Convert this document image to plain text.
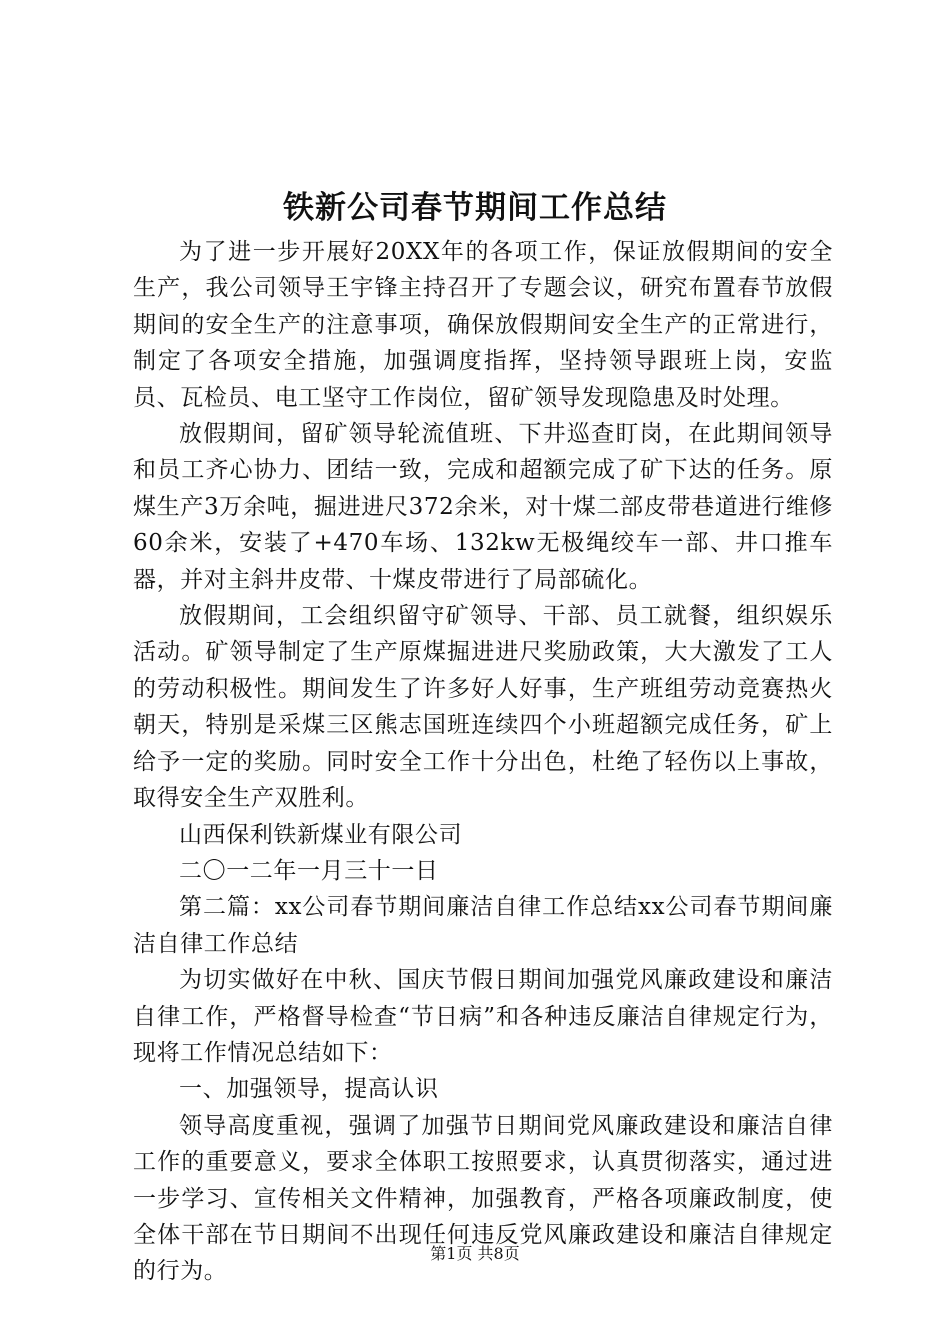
铁新公司春节期间工作总结

为了进一步开展好20XX年的各项工作，保证放假期间的安全生产，我公司领导王宇锋主持召开了专题会议，研究布置春节放假期间的安全生产的注意事项，确保放假期间安全生产的正常进行，制定了各项安全措施，加强调度指挥，坚持领导跟班上岗，安监员、瓦检员、电工坚守工作岗位，留矿领导发现隐患及时处理。

放假期间，留矿领导轮流值班、下井巡查盯岗，在此期间领导和员工齐心协力、团结一致，完成和超额完成了矿下达的任务。原煤生产3万余吨，掘进进尺372余米，对十煤二部皮带巷道进行维修60余米，安装了+470车场、132kw无极绳绞车一部、井口推车器，并对主斜井皮带、十煤皮带进行了局部硫化。

放假期间，工会组织留守矿领导、干部、员工就餐，组织娱乐活动。矿领导制定了生产原煤掘进进尺奖励政策，大大激发了工人的劳动积极性。期间发生了许多好人好事，生产班组劳动竞赛热火朝天，特别是采煤三区熊志国班连续四个小班超额完成任务，矿上给予一定的奖励。同时安全工作十分出色，杜绝了轻伤以上事故，取得安全生产双胜利。

山西保利铁新煤业有限公司

二〇一二年一月三十一日

第二篇：xx公司春节期间廉洁自律工作总结xx公司春节期间廉洁自律工作总结

为切实做好在中秋、国庆节假日期间加强党风廉政建设和廉洁自律工作，严格督导检查“节日病”和各种违反廉洁自律规定行为，现将工作情况总结如下：

一、加强领导，提高认识

领导高度重视，强调了加强节日期间党风廉政建设和廉洁自律工作的重要意义，要求全体职工按照要求，认真贯彻落实，通过进一步学习、宣传相关文件精神，加强教育，严格各项廉政制度，使全体干部在节日期间不出现任何违反党风廉政建设和廉洁自律规定的行为。

第1页 共8页
